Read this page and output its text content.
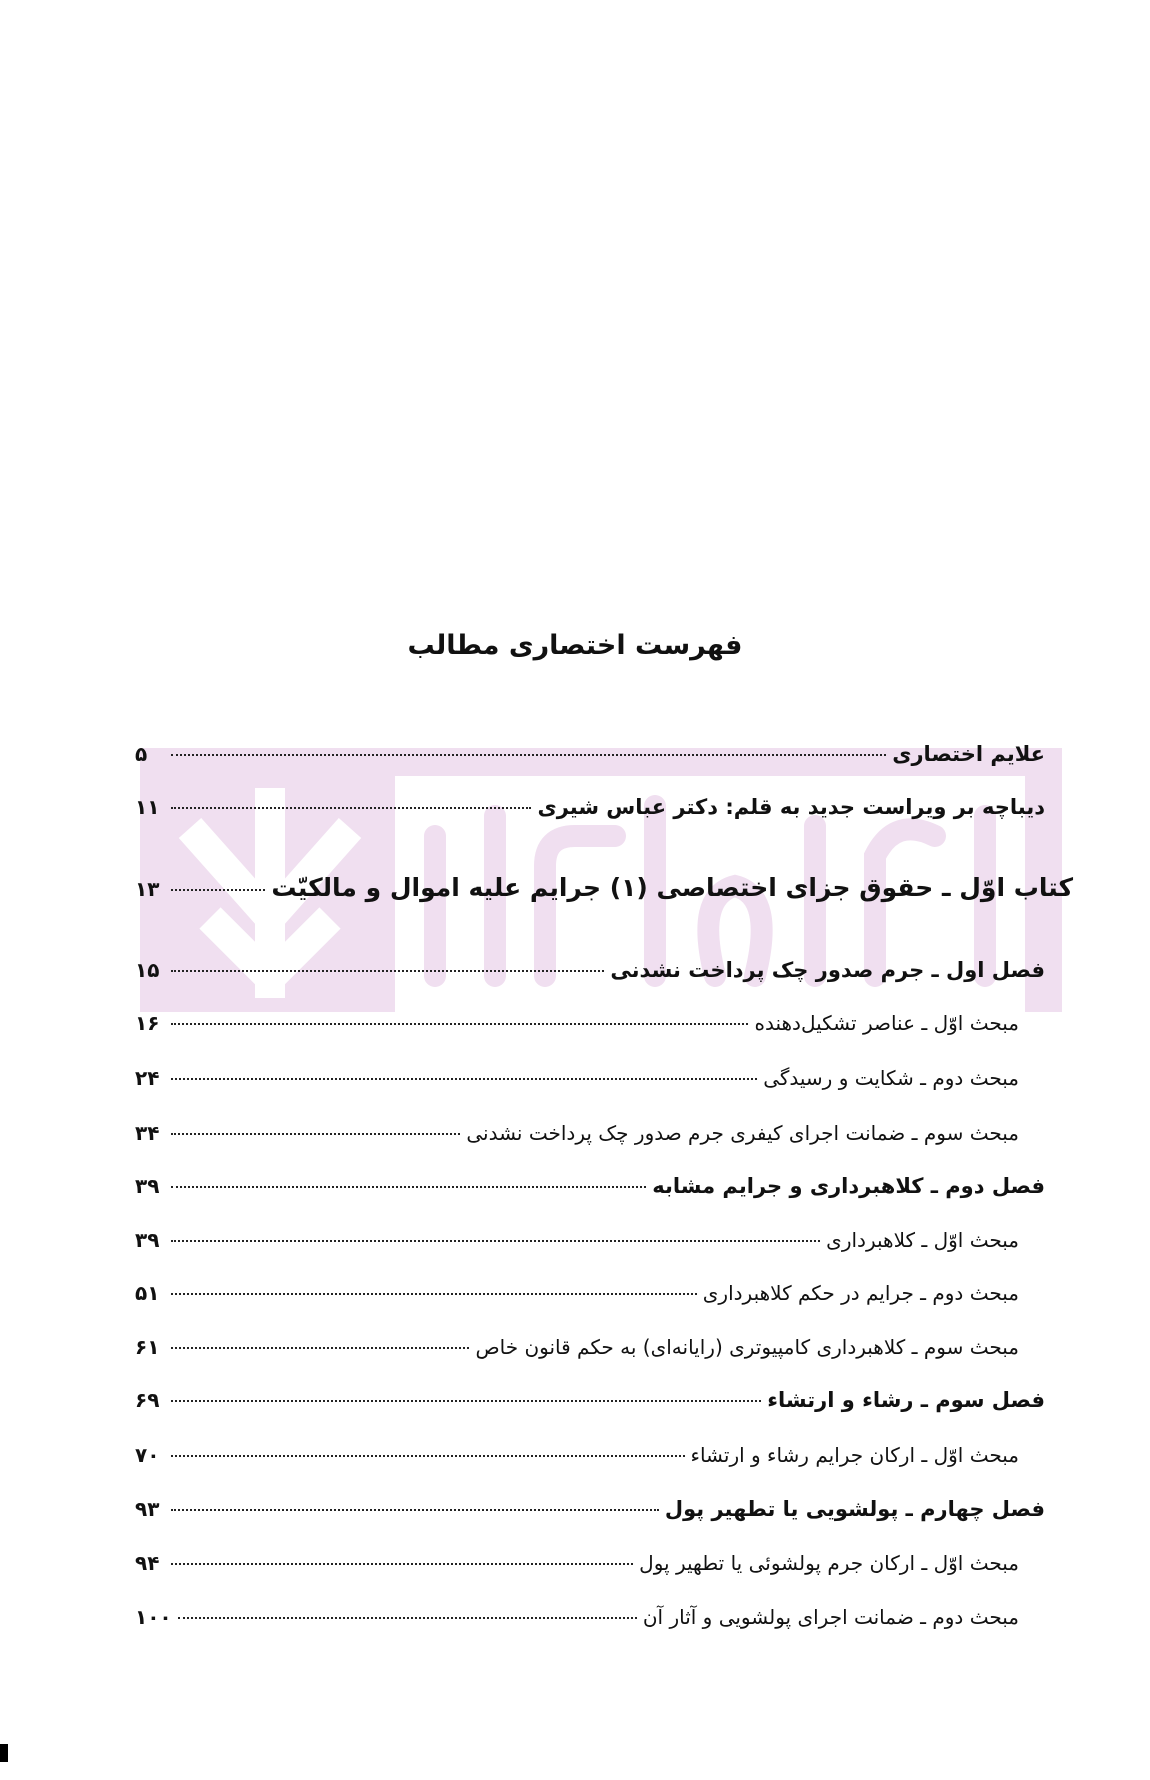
فهرست اختصاری مطالب
علایم اختصاری
۵
دیباچه بر ویراست جدید به قلم: دکتر عباس شیری
۱۱
کتاب اوّل ـ حقوق جزای اختصاصی (۱) جرایم علیه اموال و مالکیّت
۱۳
فصل اول ـ جرم صدور چک پرداخت نشدنی
۱۵
مبحث اوّل ـ عناصر تشکیل‌دهنده
۱۶
مبحث دوم ـ شکایت و رسیدگی
۲۴
مبحث سوم ـ ضمانت اجرای کیفری جرم صدور چک پرداخت نشدنی
۳۴
فصل دوم ـ کلاهبرداری و جرایم مشابه
۳۹
مبحث اوّل ـ کلاهبرداری
۳۹
مبحث دوم ـ جرایم در حکم کلاهبرداری
۵۱
مبحث سوم ـ کلاهبرداری کامپیوتری (رایانه‌ای) به حکم قانون خاص
۶۱
فصل سوم ـ رشاء و ارتشاء
۶۹
مبحث اوّل ـ ارکان جرایم رشاء و ارتشاء
۷۰
فصل چهارم ـ پولشویی یا تطهیر پول
۹۳
مبحث اوّل ـ ارکان جرم پولشوئی یا تطهیر پول
۹۴
مبحث دوم ـ ضمانت اجرای پولشویی و آثار آن
۱۰۰
